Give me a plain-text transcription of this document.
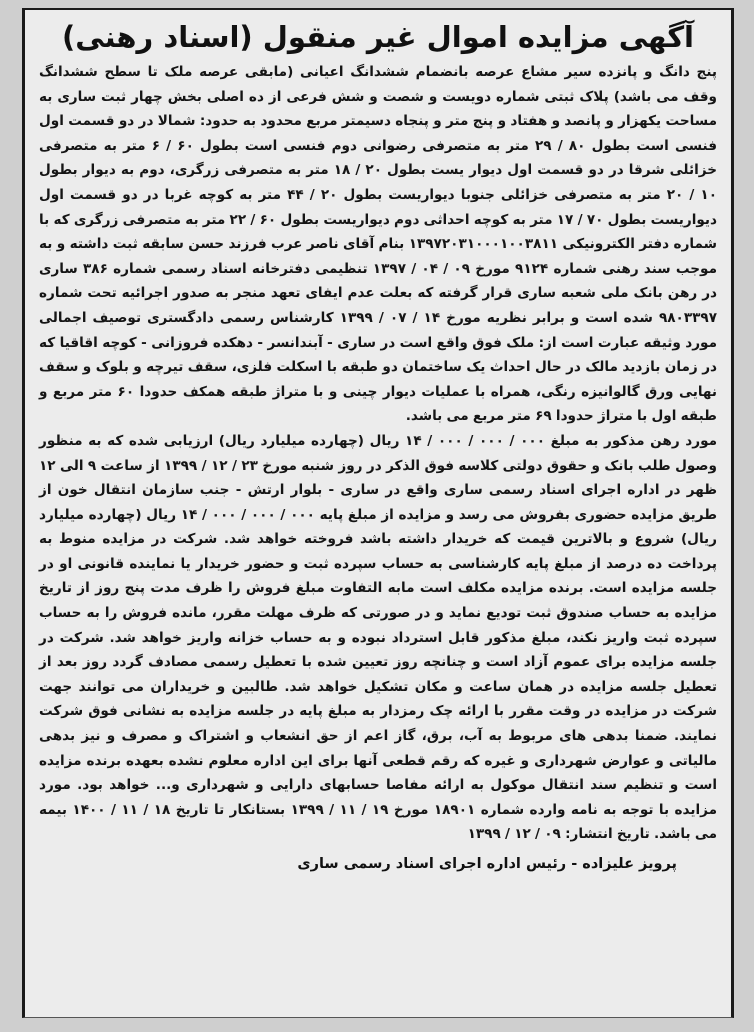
آگهی مزایده اموال غیر منقول (اسناد رهنی)

پنج دانگ و پانزده سیر مشاع عرصه بانضمام ششدانگ اعیانی (مابقی عرصه ملک تا سطح ششدانگ وقف می باشد) پلاک ثبتی شماره دویست و شصت و شش فرعی از ده اصلی بخش چهار ثبت ساری به مساحت یکهزار و پانصد و هفتاد و پنج متر و پنجاه دسیمتر مربع محدود به حدود: شمالا در دو قسمت اول فنسی است بطول ۸۰ / ۲۹ متر به متصرفی رضوانی دوم فنسی است بطول ۶۰ / ۶ متر به متصرفی خزائلی شرقا در دو قسمت اول دیوار یست بطول ۲۰ / ۱۸ متر به متصرفی زرگری، دوم به دیوار بطول ۱۰ / ۲۰ متر به متصرفی خزائلی جنوبا دیواریست بطول ۲۰ / ۴۴ متر به کوچه غربا در دو قسمت اول دیواریست بطول ۷۰ / ۱۷ متر به کوچه احداثی دوم دیواریست بطول ۶۰ / ۲۲ متر به متصرفی زرگری که با شماره دفتر الکترونیکی ۱۳۹۷۲۰۳۱۰۰۰۱۰۰۳۸۱۱ بنام آقای ناصر عرب فرزند حسن سابقه ثبت داشته و به موجب سند رهنی شماره ۹۱۲۴ مورخ ۰۹ / ۰۴ / ۱۳۹۷ تنظیمی دفترخانه اسناد رسمی شماره ۳۸۶ ساری در رهن بانک ملی شعبه ساری قرار گرفته که بعلت عدم ایفای تعهد منجر به صدور اجرائیه تحت شماره ۹۸۰۳۳۹۷ شده است و برابر نظریه مورخ ۱۴ / ۰۷ / ۱۳۹۹ کارشناس رسمی دادگستری توصیف اجمالی مورد وثیقه عبارت است از: ملک فوق واقع است در ساری - آبندانسر - دهکده فروزانی - کوچه اقاقیا که در زمان بازدید مالک در حال احداث یک ساختمان دو طبقه با اسکلت فلزی، سقف تیرچه و بلوک و سقف نهایی ورق گالوانیزه رنگی، همراه با عملیات دیوار چینی و با متراژ طبقه همکف حدودا ۶۰ متر مربع و طبقه اول با متراژ حدودا ۶۹ متر مربع می باشد.

مورد رهن مذکور به مبلغ ۰۰۰ / ۰۰۰ / ۰۰۰ / ۱۴ ریال (چهارده میلیارد ریال) ارزیابی شده که به منظور وصول طلب بانک و حقوق دولتی کلاسه فوق الذکر در روز شنبه مورخ ۲۳ / ۱۲ / ۱۳۹۹ از ساعت ۹ الی ۱۲ ظهر در اداره اجرای اسناد رسمی ساری واقع در ساری - بلوار ارتش - جنب سازمان انتقال خون از طریق مزایده حضوری بفروش می رسد و مزایده از مبلغ پایه ۰۰۰ / ۰۰۰ / ۰۰۰ / ۱۴ ریال (چهارده میلیارد ریال) شروع و بالاترین قیمت که خریدار داشته باشد فروخته خواهد شد. شرکت در مزایده منوط به پرداخت ده درصد از مبلغ پایه کارشناسی به حساب سپرده ثبت و حضور خریدار یا نماینده قانونی او در جلسه مزایده است. برنده مزایده مکلف است مابه التفاوت مبلغ فروش را ظرف مدت پنج روز از تاریخ مزایده به حساب صندوق ثبت تودیع نماید و در صورتی که ظرف مهلت مقرر، مانده فروش را به حساب سپرده ثبت واریز نکند، مبلغ مذکور قابل استرداد نبوده و به حساب خزانه واریز خواهد شد. شرکت در جلسه مزایده برای عموم آزاد است و چنانچه روز تعیین شده با تعطیل رسمی مصادف گردد روز بعد از تعطیل جلسه مزایده در همان ساعت و مکان تشکیل خواهد شد. طالبین و خریداران می توانند جهت شرکت در مزایده در وقت مقرر با ارائه چک رمزدار به مبلغ پایه در جلسه مزایده به نشانی فوق شرکت نمایند. ضمنا بدهی های مربوط به آب، برق، گاز اعم از حق انشعاب و اشتراک و مصرف و نیز بدهی مالیاتی و عوارض شهرداری و غیره که رقم قطعی آنها برای این اداره معلوم نشده بعهده برنده مزایده است و تنظیم سند انتقال موکول به ارائه مفاصا حسابهای دارایی و شهرداری و... خواهد بود. مورد مزایده با توجه به نامه وارده شماره ۱۸۹۰۱ مورخ ۱۹ / ۱۱ / ۱۳۹۹ بستانکار تا تاریخ ۱۸ / ۱۱ / ۱۴۰۰ بیمه می باشد. تاریخ انتشار: ۰۹ / ۱۲ / ۱۳۹۹

پرویز علیزاده - رئیس اداره اجرای اسناد رسمی ساری
